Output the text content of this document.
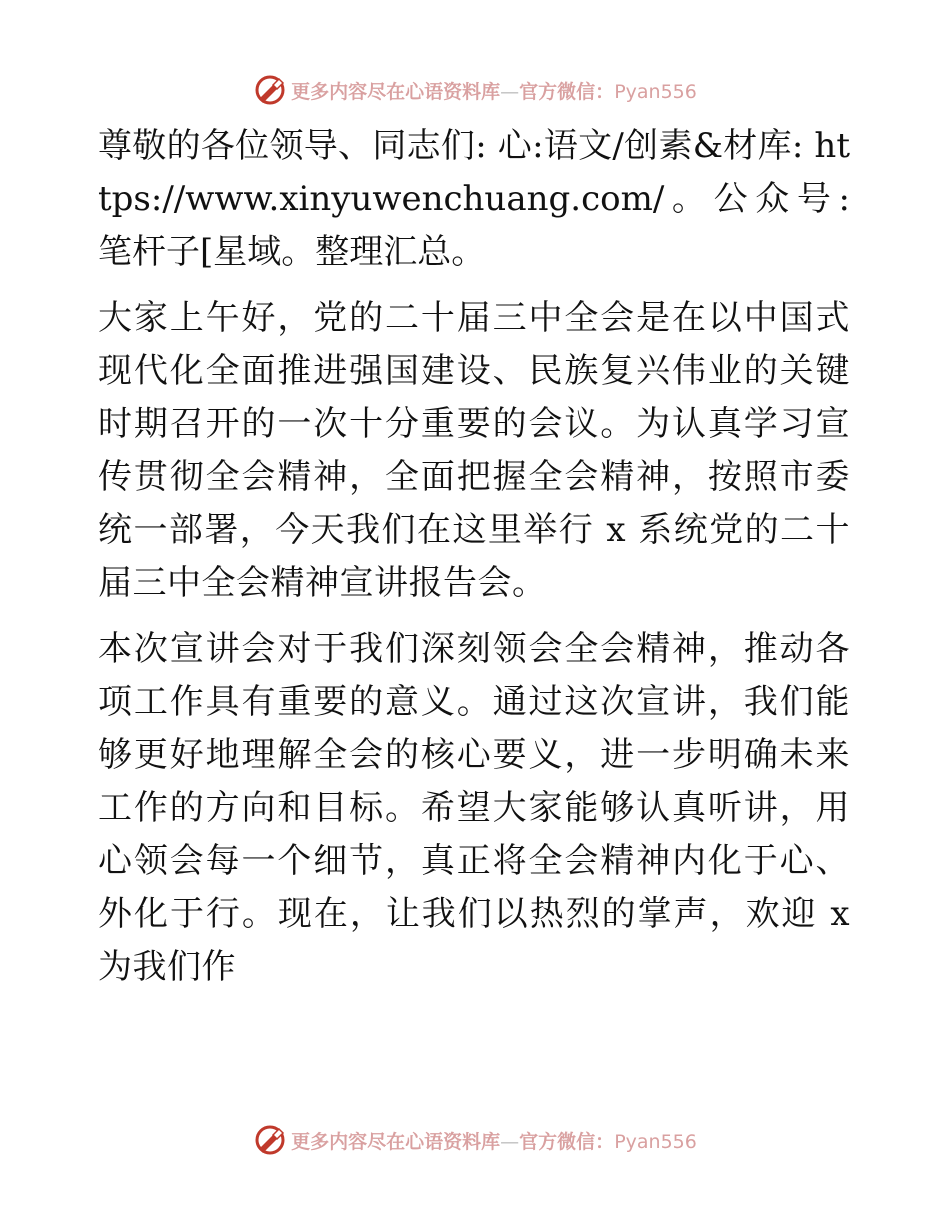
更多内容尽在心语资料库—官方微信：Pyan556

尊敬的各位领导、同志们: 心:语文/创素&材库: https://www.xinyuwenchuang.com/。公众号: 笔杆子[星域。整理汇总。

大家上午好，党的二十届三中全会是在以中国式现代化全面推进强国建设、民族复兴伟业的关键时期召开的一次十分重要的会议。为认真学习宣传贯彻全会精神，全面把握全会精神，按照市委统一部署，今天我们在这里举行 x 系统党的二十届三中全会精神宣讲报告会。

本次宣讲会对于我们深刻领会全会精神，推动各项工作具有重要的意义。通过这次宣讲，我们能够更好地理解全会的核心要义，进一步明确未来工作的方向和目标。希望大家能够认真听讲，用心领会每一个细节，真正将全会精神内化于心、外化于行。现在，让我们以热烈的掌声，欢迎 x 为我们作

更多内容尽在心语资料库—官方微信：Pyan556
